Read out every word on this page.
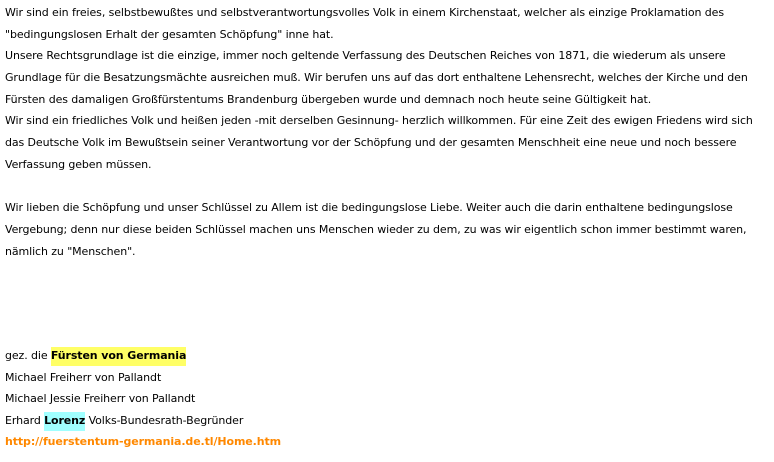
Wir sind ein freies, selbstbewußtes und selbstverantwortungsvolles Volk in einem Kirchenstaat, welcher als einzige Proklamation des
"bedingungslosen Erhalt der gesamten Schöpfung" inne hat.
Unsere Rechtsgrundlage ist die einzige, immer noch geltende Verfassung des Deutschen Reiches von 1871, die wiederum als unsere
Grundlage für die Besatzungsmächte ausreichen muß. Wir berufen uns auf das dort enthaltene Lehensrecht, welches der Kirche und den
Fürsten des damaligen Großfürstentums Brandenburg übergeben wurde und demnach noch heute seine Gültigkeit hat.
Wir sind ein friedliches Volk und heißen jeden -mit derselben Gesinnung- herzlich willkommen. Für eine Zeit des ewigen Friedens wird sich
das Deutsche Volk im Bewußtsein seiner Verantwortung vor der Schöpfung und der gesamten Menschheit eine neue und noch bessere
Verfassung geben müssen.
Wir lieben die Schöpfung und unser Schlüssel zu Allem ist die bedingungslose Liebe. Weiter auch die darin enthaltene bedingungslose
Vergebung; denn nur diese beiden Schlüssel machen uns Menschen wieder zu dem, zu was wir eigentlich schon immer bestimmt waren,
nämlich zu "Menschen".
gez. die Fürsten von Germania
Michael Freiherr von Pallandt
Michael Jessie Freiherr von Pallandt
Erhard Lorenz Volks-Bundesrath-Begründer
http://fuerstentum-germania.de.tl/Home.htm
